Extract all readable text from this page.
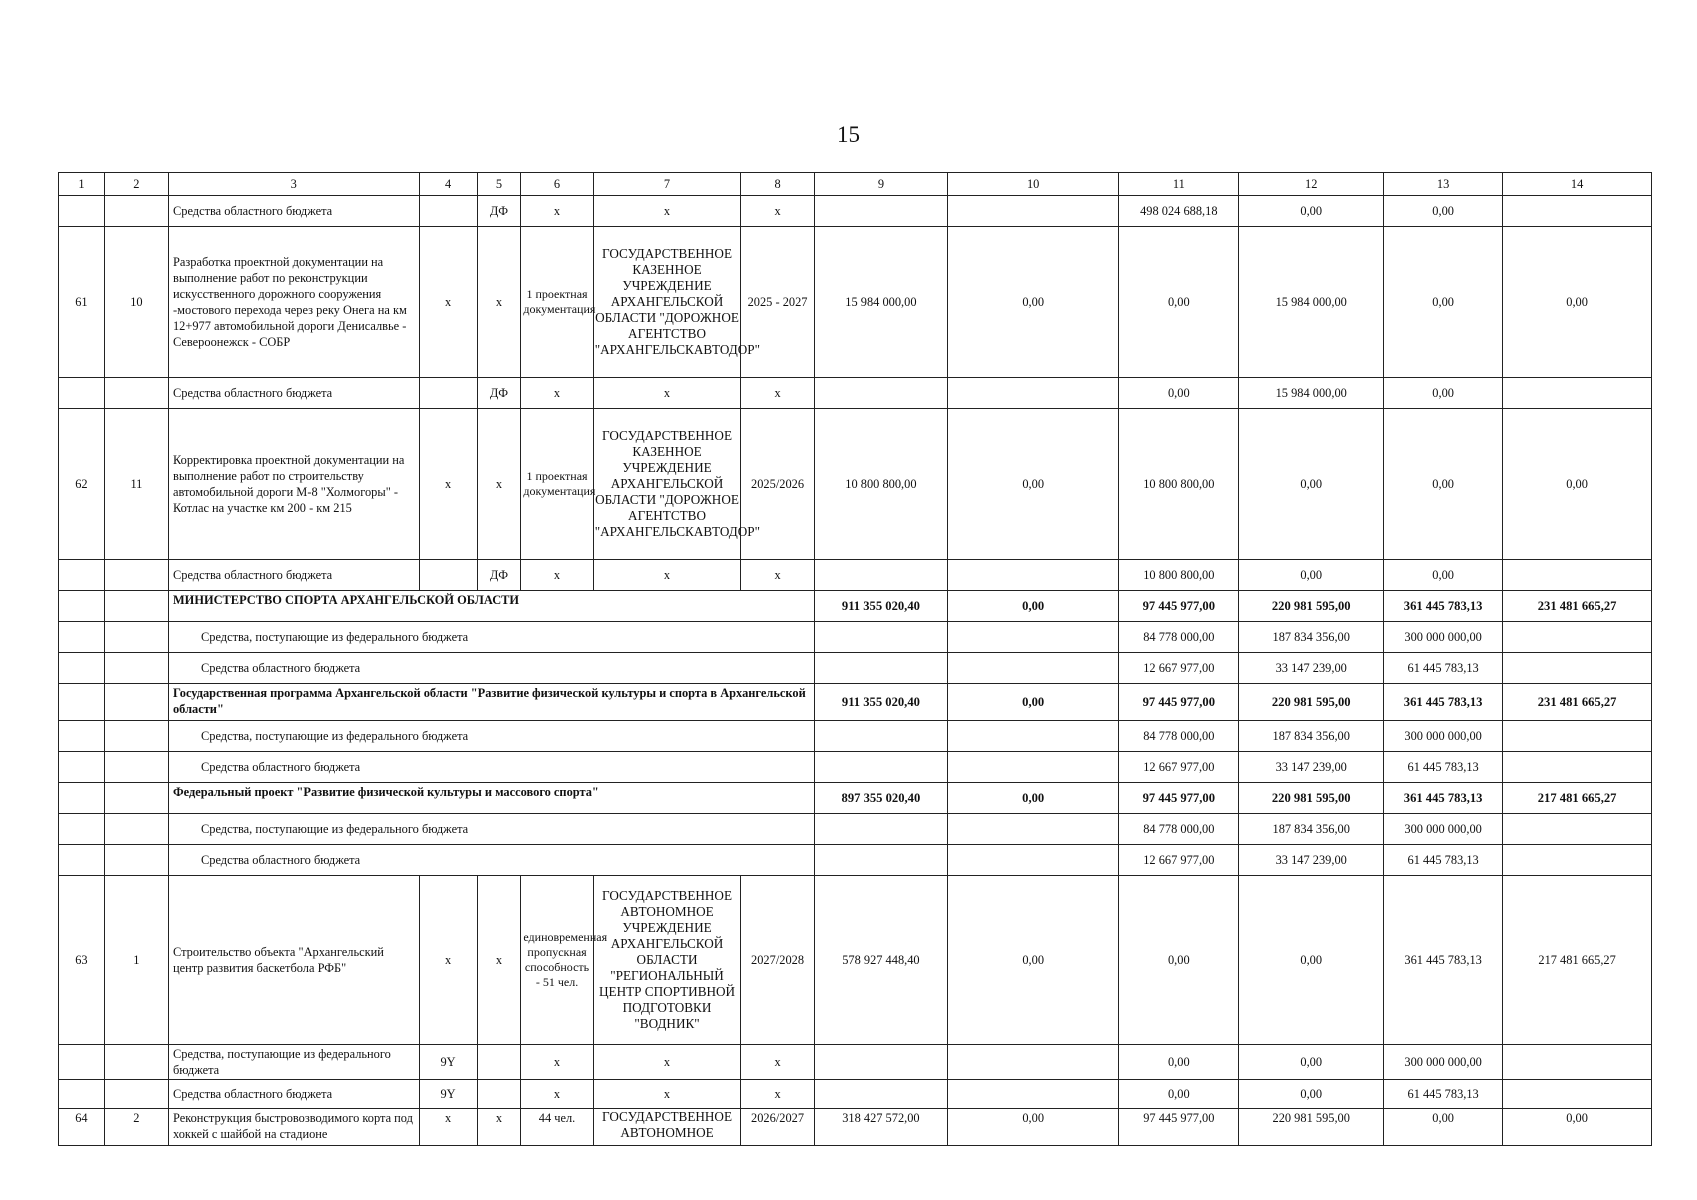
15
1	2	3	4	5	6	7	8	9	10	11	12	13	14
		Средства областного бюджета		ДФ	x	x	x			498 024 688,18	0,00	0,00	
61	10	Разработка проектной документации на выполнение работ по реконструкции искусственного дорожного сооружения -мостового перехода через реку Онега на км 12+977 автомобильной дороги Денисалвье - Североонежск - СОБР	x	x	1 проектная документация	ГОСУДАРСТВЕННОЕ КАЗЕННОЕ УЧРЕЖДЕНИЕ АРХАНГЕЛЬСКОЙ ОБЛАСТИ "ДОРОЖНОЕ АГЕНТСТВО "АРХАНГЕЛЬСКАВТОДОР"	2025 - 2027	15 984 000,00	0,00	0,00	15 984 000,00	0,00	0,00
		Средства областного бюджета		ДФ	x	x	x			0,00	15 984 000,00	0,00	
62	11	Корректировка проектной документации на выполнение работ по строительству автомобильной дороги М-8 "Холмогоры" - Котлас на участке км 200 - км 215	x	x	1 проектная документация	ГОСУДАРСТВЕННОЕ КАЗЕННОЕ УЧРЕЖДЕНИЕ АРХАНГЕЛЬСКОЙ ОБЛАСТИ "ДОРОЖНОЕ АГЕНТСТВО "АРХАНГЕЛЬСКАВТОДОР"	2025/2026	10 800 800,00	0,00	10 800 800,00	0,00	0,00	0,00
		Средства областного бюджета		ДФ	x	x	x			10 800 800,00	0,00	0,00	
		МИНИСТЕРСТВО СПОРТА АРХАНГЕЛЬСКОЙ ОБЛАСТИ						911 355 020,40	0,00	97 445 977,00	220 981 595,00	361 445 783,13	231 481 665,27
		Средства, поступающие из федерального бюджета								84 778 000,00	187 834 356,00	300 000 000,00	
		Средства областного бюджета								12 667 977,00	33 147 239,00	61 445 783,13	
		Государственная программа Архангельской области "Развитие физической культуры и спорта в Архангельской области"						911 355 020,40	0,00	97 445 977,00	220 981 595,00	361 445 783,13	231 481 665,27
		Средства, поступающие из федерального бюджета								84 778 000,00	187 834 356,00	300 000 000,00	
		Средства областного бюджета								12 667 977,00	33 147 239,00	61 445 783,13	
		Федеральный проект "Развитие физической культуры и массового спорта"						897 355 020,40	0,00	97 445 977,00	220 981 595,00	361 445 783,13	217 481 665,27
		Средства, поступающие из федерального бюджета								84 778 000,00	187 834 356,00	300 000 000,00	
		Средства областного бюджета								12 667 977,00	33 147 239,00	61 445 783,13	
63	1	Строительство объекта "Архангельский центр развития баскетбола РФБ"	x	x	единовременная пропускная способность - 51 чел.	ГОСУДАРСТВЕННОЕ АВТОНОМНОЕ УЧРЕЖДЕНИЕ АРХАНГЕЛЬСКОЙ ОБЛАСТИ "РЕГИОНАЛЬНЫЙ ЦЕНТР СПОРТИВНОЙ ПОДГОТОВКИ "ВОДНИК"	2027/2028	578 927 448,40	0,00	0,00	0,00	361 445 783,13	217 481 665,27
		Средства, поступающие из федерального бюджета	9Y		x	x	x			0,00	0,00	300 000 000,00	
		Средства областного бюджета	9Y		x	x	x			0,00	0,00	61 445 783,13	
64	2	Реконструкция быстровозводимого корта под хоккей с шайбой на стадионе	x	x	44 чел.	ГОСУДАРСТВЕННОЕ АВТОНОМНОЕ	2026/2027	318 427 572,00	0,00	97 445 977,00	220 981 595,00	0,00	0,00
